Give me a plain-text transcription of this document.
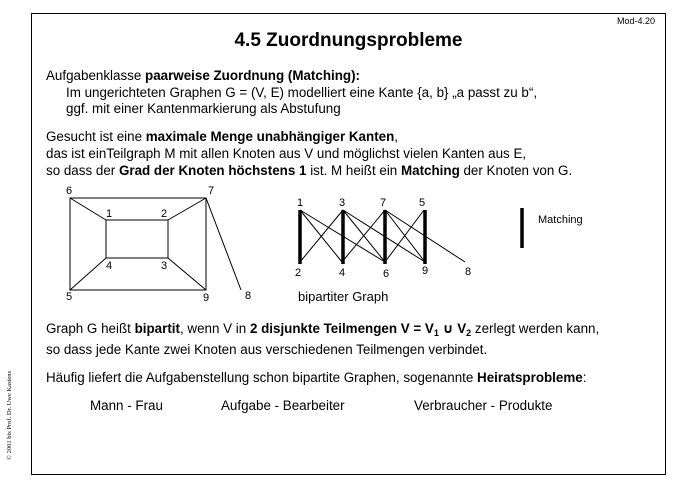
Mod-4.20
4.5 Zuordnungsprobleme
© 2001 bis Prof. Dr. Uwe Kastens
Aufgabenklasse paarweise Zuordnung (Matching):
Im ungerichteten Graphen G = (V, E) modelliert eine Kante {a, b} „a passt zu b“,
ggf. mit einer Kantenmarkierung als Abstufung
Gesucht ist eine maximale Menge unabhängiger Kanten,
das ist einTeilgraph M mit allen Knoten aus V und möglichst vielen Kanten aus E,
so dass der Grad der Knoten höchstens 1 ist. M heißt ein Matching der Knoten von G.
6	7
1	2
4	3
5	9	8
1	3	7	5
2	4	6	9	8
bipartiter Graph
Matching
Graph G heißt bipartit, wenn V in 2 disjunkte Teilmengen $V = V_1$ ∪ $V_2$ zerlegt werden kann,
so dass jede Kante zwei Knoten aus verschiedenen Teilmengen verbindet.
Häufig liefert die Aufgabenstellung schon bipartite Graphen, sogenannte Heiratsprobleme:
Mann - Frau	Aufgabe - Bearbeiter	Verbraucher - Produkte
